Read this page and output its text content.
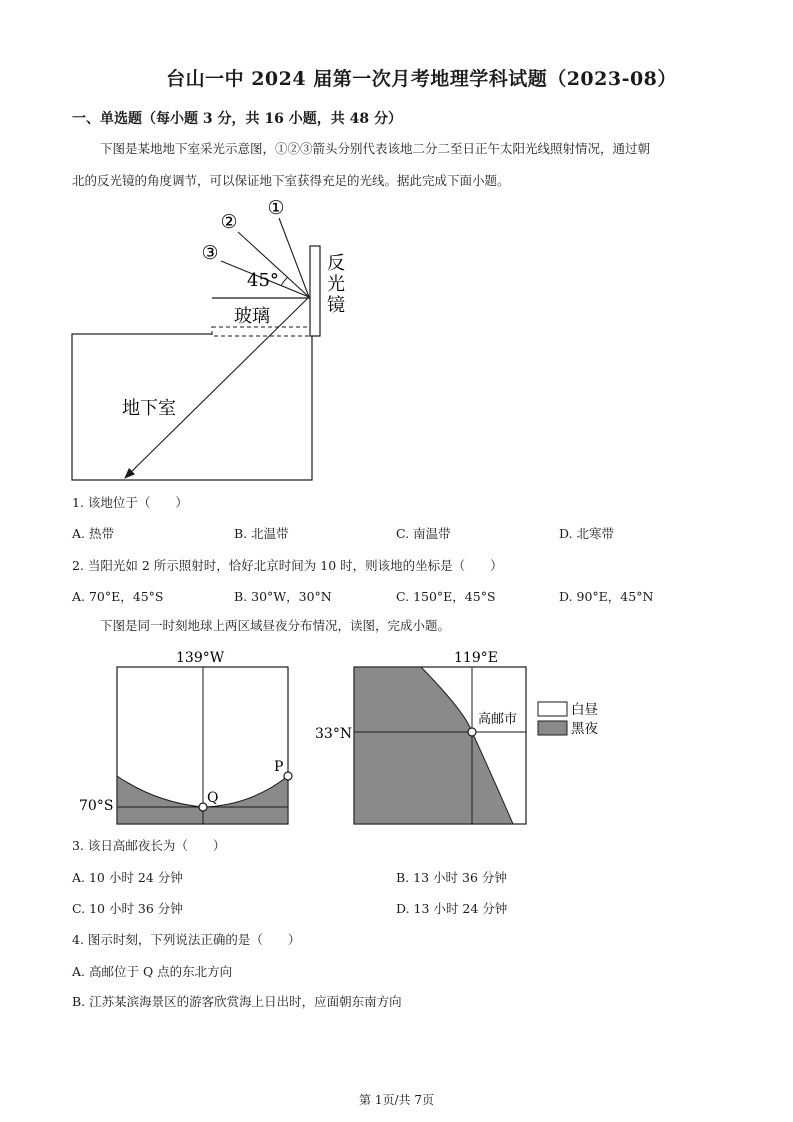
台山一中 2024 届第一次月考地理学科试题（2023-08）
一、单选题（每小题 3 分，共 16 小题，共 48 分）
下图是某地地下室采光示意图，①②③箭头分别代表该地二分二至日正午太阳光线照射情况，通过朝
北的反光镜的角度调节，可以保证地下室获得充足的光线。据此完成下面小题。
①
②
③
45°
反
光
镜
玻璃
地下室
1. 该地位于（　　）
A. 热带	B. 北温带	C. 南温带	D. 北寒带
2. 当阳光如 2 所示照射时，恰好北京时间为 10 时，则该地的坐标是（　　）
A. 70°E，45°S	B. 30°W，30°N	C. 150°E，45°S	D. 90°E，45°N
下图是同一时刻地球上两区域昼夜分布情况，读图，完成小题。
139°W
70°S	Q
P
119°E
33°N
高邮市
白昼
黑夜
3. 该日高邮夜长为（　　）
A. 10 小时 24 分钟	B. 13 小时 36 分钟
C. 10 小时 36 分钟	D. 13 小时 24 分钟
4. 图示时刻，下列说法正确的是（　　）
A. 高邮位于 Q 点的东北方向
B. 江苏某滨海景区的游客欣赏海上日出时，应面朝东南方向
第 1页/共 7页
